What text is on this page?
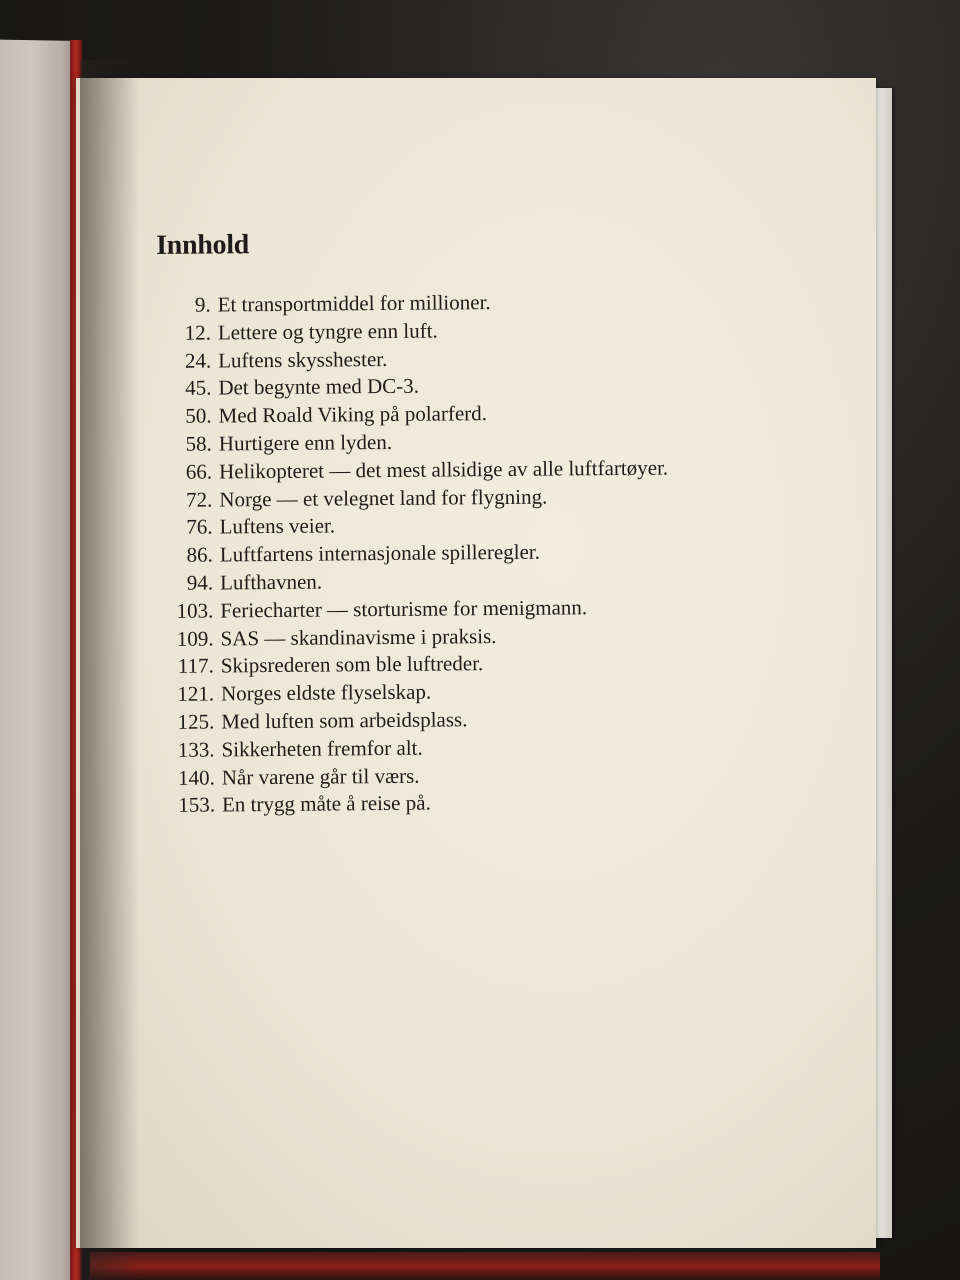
Innhold
9. Et transportmiddel for millioner.
12. Lettere og tyngre enn luft.
24. Luftens skysshester.
45. Det begynte med DC-3.
50. Med Roald Viking på polarferd.
58. Hurtigere enn lyden.
66. Helikopteret — det mest allsidige av alle luftfartøyer.
72. Norge — et velegnet land for flygning.
76. Luftens veier.
86. Luftfartens internasjonale spilleregler.
94. Lufthavnen.
103. Feriecharter — storturisme for menigmann.
109. SAS — skandinavisme i praksis.
117. Skipsrederen som ble luftreder.
121. Norges eldste flyselskap.
125. Med luften som arbeidsplass.
133. Sikkerheten fremfor alt.
140. Når varene går til værs.
153. En trygg måte å reise på.
